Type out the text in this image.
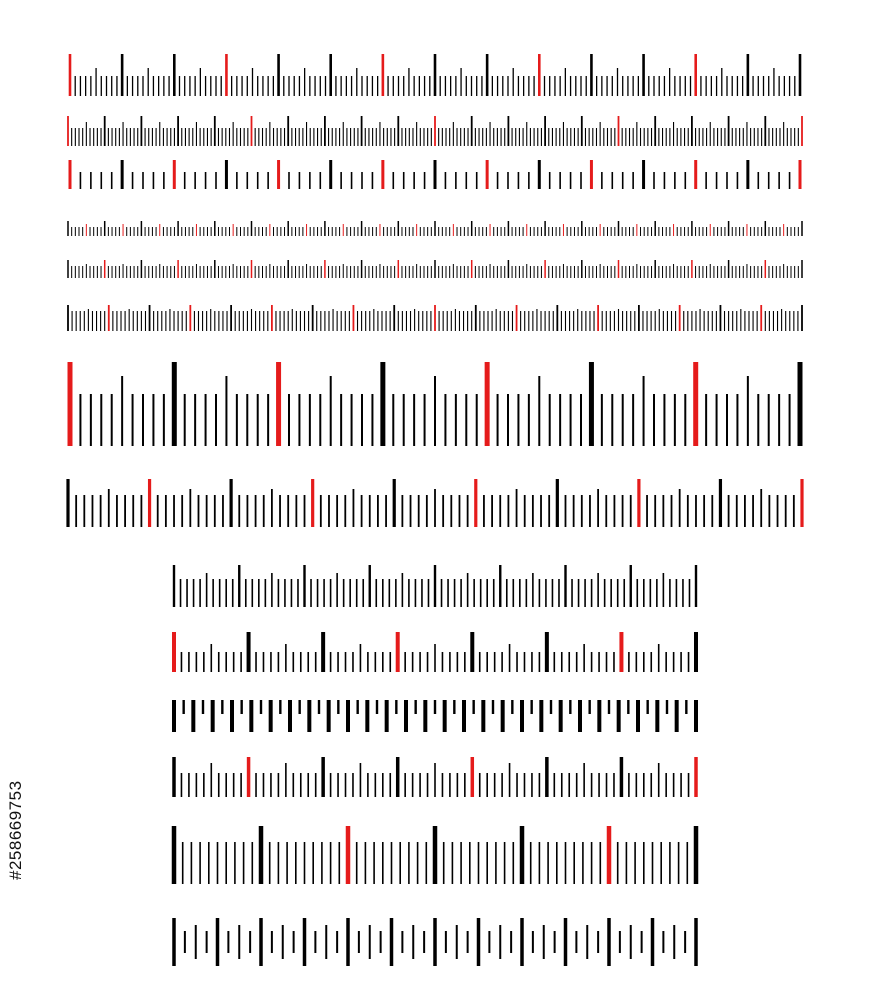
#258669753
